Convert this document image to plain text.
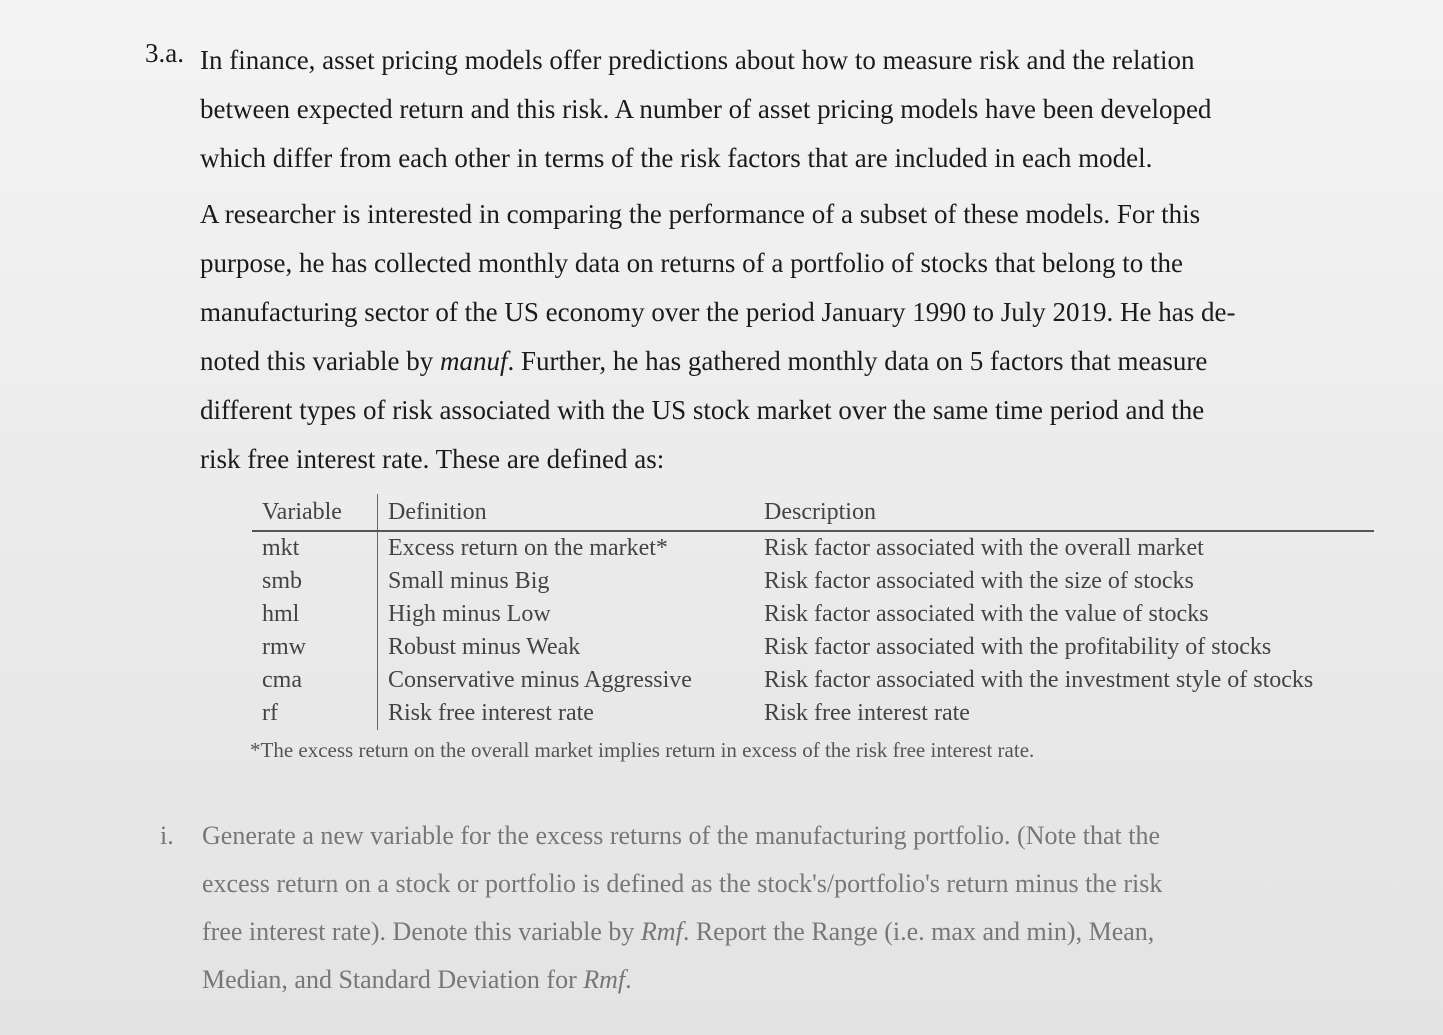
3.a. In finance, asset pricing models offer predictions about how to measure risk and the relation
between expected return and this risk. A number of asset pricing models have been developed
which differ from each other in terms of the risk factors that are included in each model.
A researcher is interested in comparing the performance of a subset of these models. For this
purpose, he has collected monthly data on returns of a portfolio of stocks that belong to the
manufacturing sector of the US economy over the period January 1990 to July 2019. He has de-
noted this variable by manuf. Further, he has gathered monthly data on 5 factors that measure
different types of risk associated with the US stock market over the same time period and the
risk free interest rate. These are defined as:
Variable	Definition	Description
mkt	Excess return on the market*	Risk factor associated with the overall market
smb	Small minus Big	Risk factor associated with the size of stocks
hml	High minus Low	Risk factor associated with the value of stocks
rmw	Robust minus Weak	Risk factor associated with the profitability of stocks
cma	Conservative minus Aggressive	Risk factor associated with the investment style of stocks
rf	Risk free interest rate	Risk free interest rate
*The excess return on the overall market implies return in excess of the risk free interest rate.
i. Generate a new variable for the excess returns of the manufacturing portfolio. (Note that the
excess return on a stock or portfolio is defined as the stock's/portfolio's return minus the risk
free interest rate). Denote this variable by Rmf. Report the Range (i.e. max and min), Mean,
Median, and Standard Deviation for Rmf.
